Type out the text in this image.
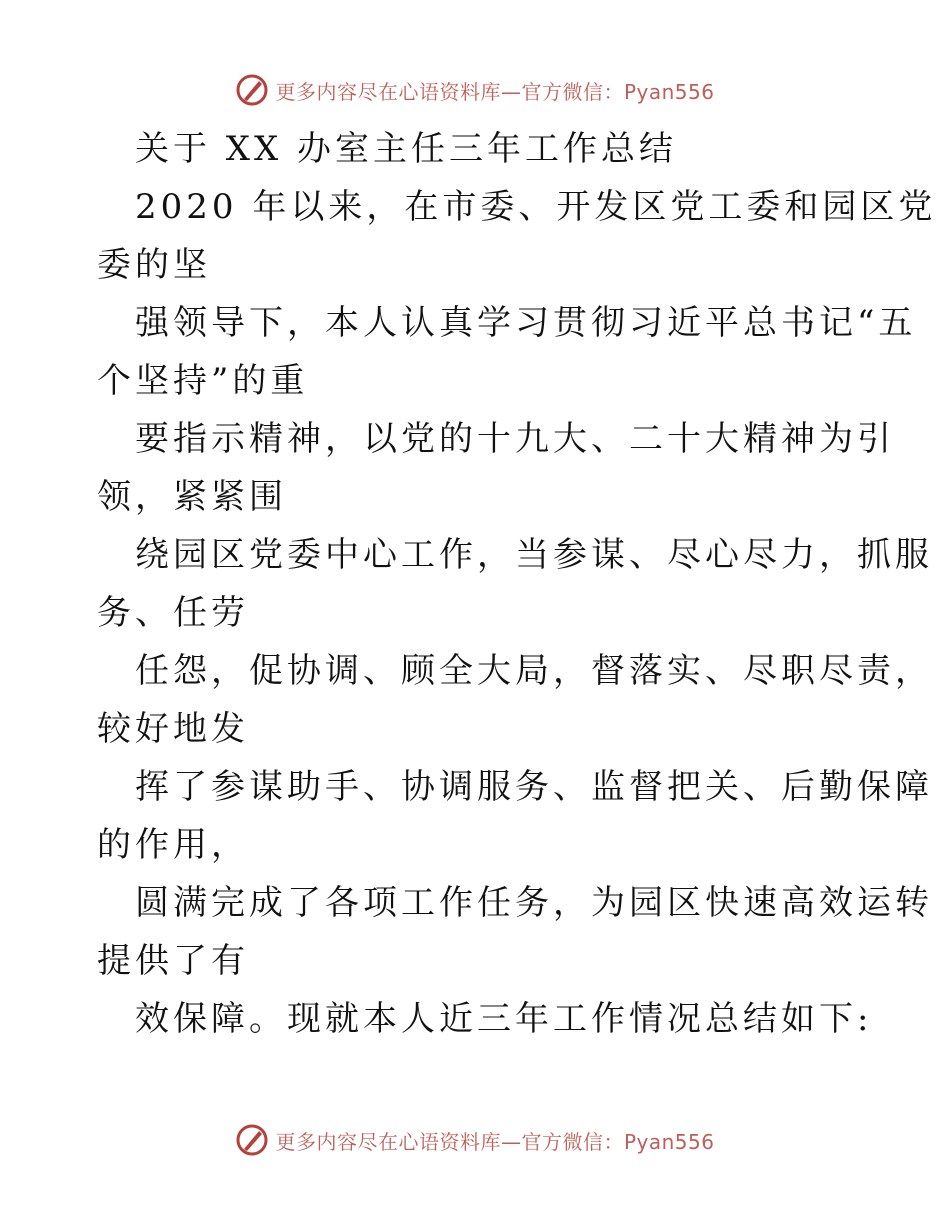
更多内容尽在心语资料库—官方微信：Pyan556
关于 XX 办室主任三年工作总结
2020 年以来，在市委、开发区党工委和园区党
委的坚
强领导下，本人认真学习贯彻习近平总书记“五
个坚持”的重
要指示精神，以党的十九大、二十大精神为引
领，紧紧围
绕园区党委中心工作，当参谋、尽心尽力，抓服
务、任劳
任怨，促协调、顾全大局，督落实、尽职尽责，
较好地发
挥了参谋助手、协调服务、监督把关、后勤保障
的作用，
圆满完成了各项工作任务，为园区快速高效运转
提供了有
效保障。现就本人近三年工作情况总结如下:
更多内容尽在心语资料库—官方微信：Pyan556
